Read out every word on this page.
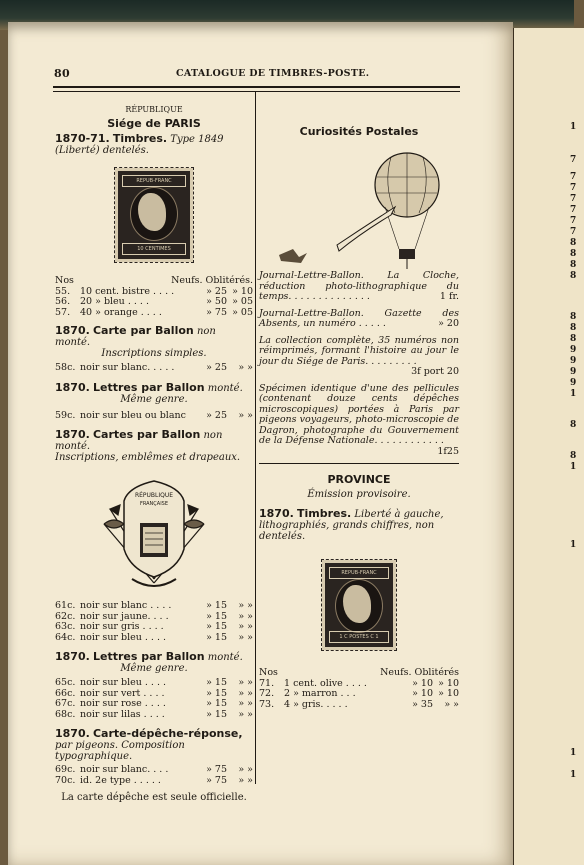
1
7
7
7
7
7
7
7
8
8
8
8
8
8
8
9
9
9
9
1
8
8
1
1
1
1
80	CATALOGUE DE TIMBRES-POSTE.
RÉPUBLIQUE
Siége de PARIS
1870-71. Timbres. Type 1849 (Liberté) dentelés.
REPUB-FRANC
10 CENTIMES
Nos	Neufs. Oblitérés.
55.	10 cent. bistre . . . .	» 25 » 10
56.	20 » bleu . . . .	» 50 » 05
57.	40 » orange . . . .	» 75 » 05
1870. Carte par Ballon non monté.
Inscriptions simples.
58c. noir sur blanc. . . . .	» 25	» »
1870. Lettres par Ballon monté.
Même genre.
59c. noir sur bleu ou blanc	» 25	» »
1870. Cartes par Ballon non monté.
Inscriptions, emblêmes et drapeaux.
RÉPUBLIQUE
FRANÇAISE
61c. noir sur blanc . . . .	» 15	» »
62c. noir sur jaune. . . .	» 15	» »
63c. noir sur gris . . . .	» 15	» »
64c. noir sur bleu . . . .	» 15	» »
1870. Lettres par Ballon monté.
Même genre.
65c. noir sur bleu . . . .	» 15	» »
66c. noir sur vert . . . .	» 15	» »
67c. noir sur rose . . . .	» 15	» »
68c. noir sur lilas . . . .	» 15	» »
1870. Carte-dépêche-réponse,
par pigeons. Composition typographique.
69c. noir sur blanc. . . .	» 75	» »
70c. id. 2e type . . . . .	» 75	» »
La carte dépêche est seule officielle.
Curiosités Postales
Journal-Lettre-Ballon. La Cloche, réduction photo-lithographique du temps. . . . . . . . . . . . . .	1 fr.
Journal-Lettre-Ballon. Gazette des Absents, un numéro . . . . .	» 20
La collection complète, 35 numéros non réimprimés, formant l'histoire au jour le jour du Siége de Paris. . . . . . . . .
3f port 20
Spécimen identique d'une des pellicules (contenant douze cents dépêches microscopiques) portées à Paris par pigeons voyageurs, photo-microscopie de Dagron, photographe du Gouvernement de la Défense Nationale. . . . . . . . . . . .
1f25
PROVINCE
Émission provisoire.
1870. Timbres. Liberté à gauche, lithographiés, grands chiffres, non dentelés.
REPUB-FRANC
1 C POSTES C 1
Nos	Neufs. Oblitérés
71.	1 cent. olive . . . .	» 10 » 10
72.	2 » marron . . .	» 10 » 10
73.	4 » gris. . . . .	» 35	» »
